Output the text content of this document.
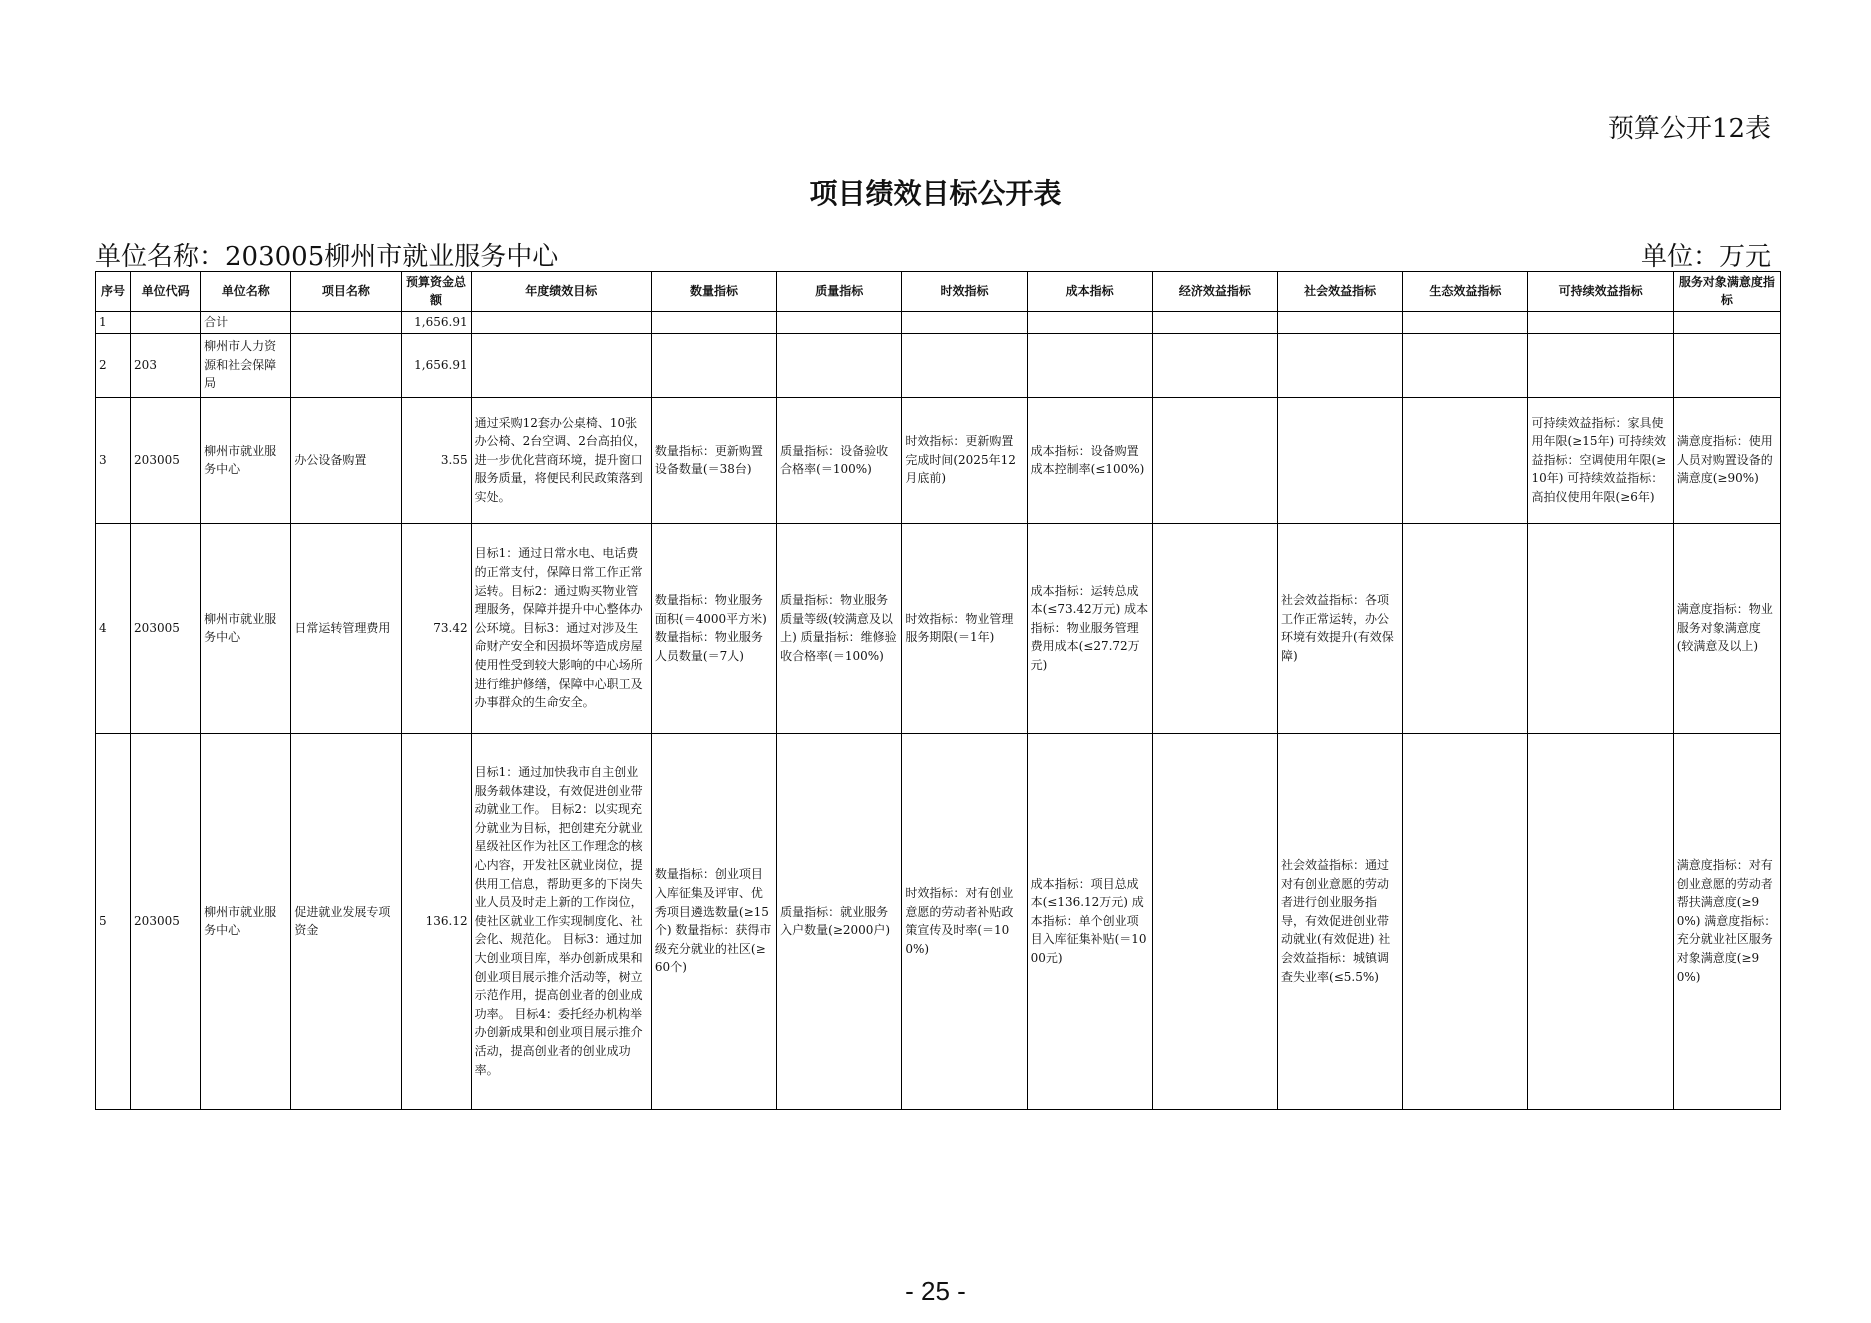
预算公开12表
项目绩效目标公开表
单位名称：203005柳州市就业服务中心	单位：万元
序号	单位代码	单位名称	项目名称	预算资金总额	年度绩效目标	数量指标	质量指标	时效指标	成本指标	经济效益指标	社会效益指标	生态效益指标	可持续效益指标	服务对象满意度指标
1		合计		1,656.91										
2	203	柳州市人力资源和社会保障局		1,656.91										
3	203005	柳州市就业服务中心	办公设备购置	3.55	通过采购12套办公桌椅、10张办公椅、2台空调、2台高拍仪，进一步优化营商环境，提升窗口服务质量，将便民利民政策落到实处。	数量指标：更新购置设备数量(＝38台)	质量指标：设备验收合格率(＝100%)	时效指标：更新购置完成时间(2025年12月底前)	成本指标：设备购置成本控制率(≤100%)				可持续效益指标：家具使用年限(≥15年) 可持续效益指标：空调使用年限(≥10年) 可持续效益指标：高拍仪使用年限(≥6年)	满意度指标：使用人员对购置设备的满意度(≥90%)
4	203005	柳州市就业服务中心	日常运转管理费用	73.42	目标1：通过日常水电、电话费的正常支付，保障日常工作正常运转。目标2：通过购买物业管理服务，保障并提升中心整体办公环境。目标3：通过对涉及生命财产安全和因损坏等造成房屋使用性受到较大影响的中心场所进行维护修缮，保障中心职工及办事群众的生命安全。	数量指标：物业服务面积(＝4000平方米) 数量指标：物业服务人员数量(＝7人)	质量指标：物业服务质量等级(较满意及以上) 质量指标：维修验收合格率(＝100%)	时效指标：物业管理服务期限(＝1年)	成本指标：运转总成本(≤73.42万元) 成本指标：物业服务管理费用成本(≤27.72万元)		社会效益指标：各项工作正常运转，办公环境有效提升(有效保障)			满意度指标：物业服务对象满意度(较满意及以上)
5	203005	柳州市就业服务中心	促进就业发展专项资金	136.12	目标1：通过加快我市自主创业服务载体建设，有效促进创业带动就业工作。 目标2：以实现充分就业为目标，把创建充分就业星级社区作为社区工作理念的核心内容，开发社区就业岗位，提供用工信息，帮助更多的下岗失业人员及时走上新的工作岗位，使社区就业工作实现制度化、社会化、规范化。 目标3：通过加大创业项目库，举办创新成果和创业项目展示推介活动等，树立示范作用，提高创业者的创业成功率。 目标4：委托经办机构举办创新成果和创业项目展示推介活动，提高创业者的创业成功率。	数量指标：创业项目入库征集及评审、优秀项目遴选数量(≥15个) 数量指标：获得市级充分就业的社区(≥60个)	质量指标：就业服务入户数量(≥2000户)	时效指标：对有创业意愿的劳动者补贴政策宣传及时率(＝100%)	成本指标：项目总成本(≤136.12万元) 成本指标：单个创业项目入库征集补贴(＝1000元)		社会效益指标：通过对有创业意愿的劳动者进行创业服务指导，有效促进创业带动就业(有效促进) 社会效益指标：城镇调查失业率(≤5.5%)			满意度指标：对有创业意愿的劳动者帮扶满意度(≥90%) 满意度指标：充分就业社区服务对象满意度(≥90%)
- 25 -
